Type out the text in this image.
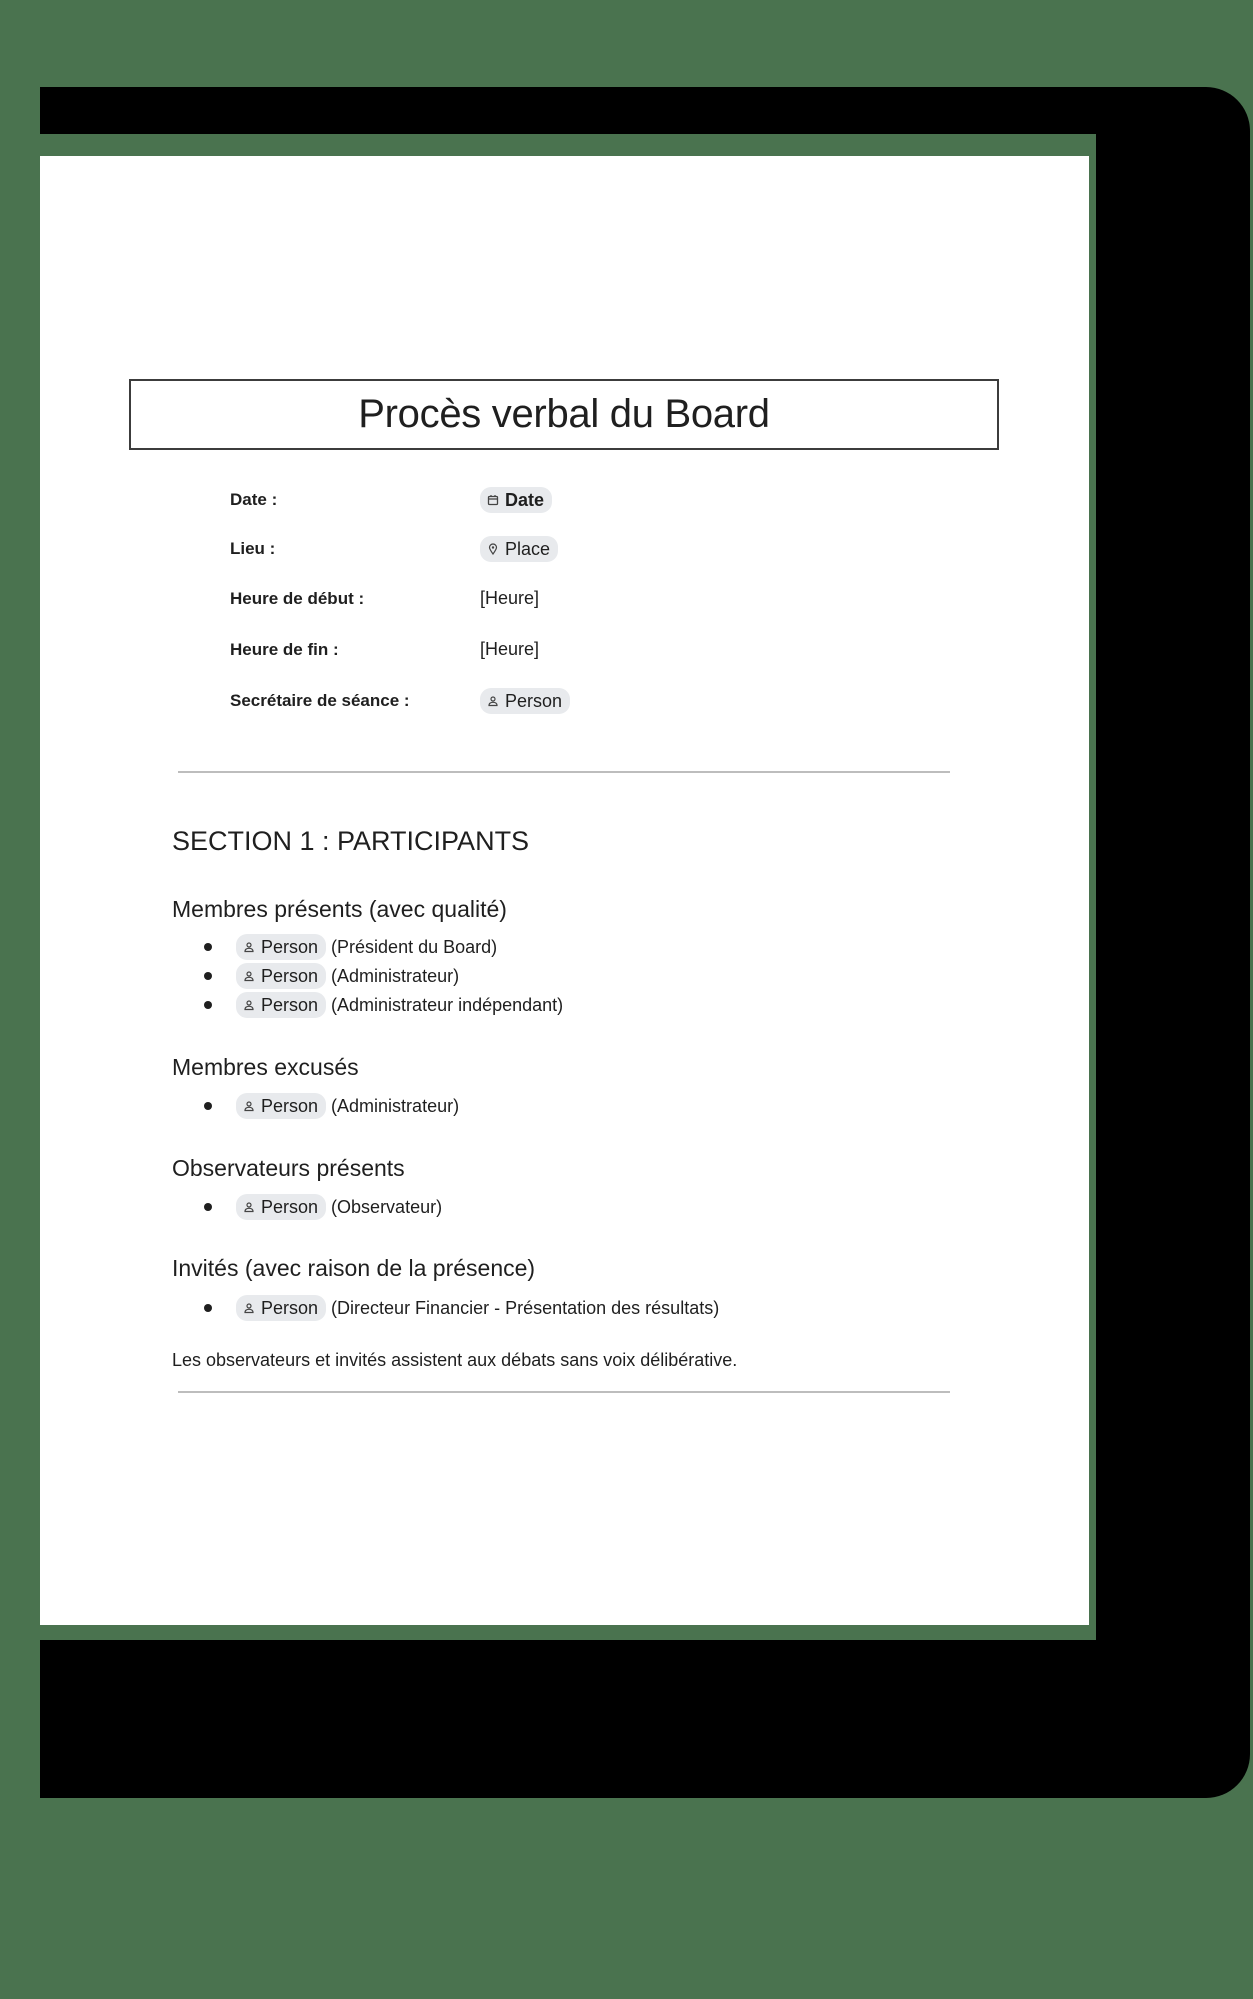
Procès verbal du Board
Date :	Date
Lieu :	Place
Heure de début :	[Heure]
Heure de fin :	[Heure]
Secrétaire de séance :	Person
SECTION 1 : PARTICIPANTS
Membres présents (avec qualité)
Person (Président du Board)
Person (Administrateur)
Person (Administrateur indépendant)
Membres excusés
Person (Administrateur)
Observateurs présents
Person (Observateur)
Invités (avec raison de la présence)
Person (Directeur Financier - Présentation des résultats)
Les observateurs et invités assistent aux débats sans voix délibérative.
